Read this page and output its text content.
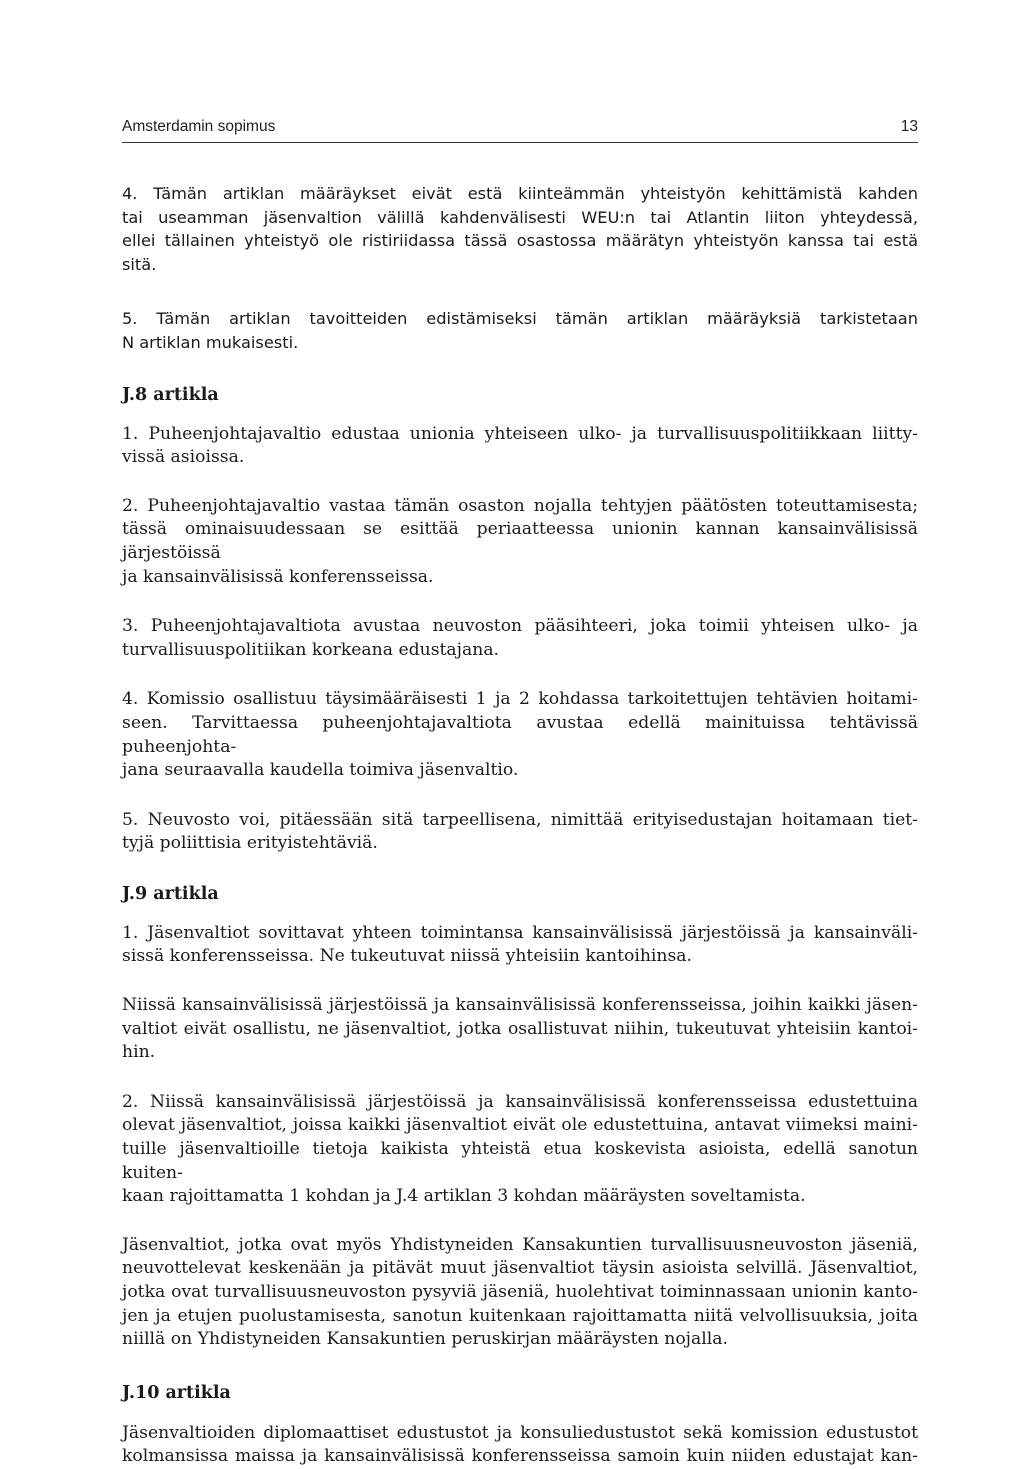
Amsterdamin sopimus	13
4. Tämän artiklan määräykset eivät estä kiinteämmän yhteistyön kehittämistä kahden
tai useamman jäsenvaltion välillä kahdenvälisesti WEU:n tai Atlantin liiton yhteydessä,
ellei tällainen yhteistyö ole ristiriidassa tässä osastossa määrätyn yhteistyön kanssa tai estä
sitä.
5. Tämän artiklan tavoitteiden edistämiseksi tämän artiklan määräyksiä tarkistetaan
N artiklan mukaisesti.
J.8 artikla
1. Puheenjohtajavaltio edustaa unionia yhteiseen ulko- ja turvallisuuspolitiikkaan liitty-
vissä asioissa.
2. Puheenjohtajavaltio vastaa tämän osaston nojalla tehtyjen päätösten toteuttamisesta;
tässä ominaisuudessaan se esittää periaatteessa unionin kannan kansainvälisissä järjestöissä
ja kansainvälisissä konferensseissa.
3. Puheenjohtajavaltiota avustaa neuvoston pääsihteeri, joka toimii yhteisen ulko- ja
turvallisuuspolitiikan korkeana edustajana.
4. Komissio osallistuu täysimääräisesti 1 ja 2 kohdassa tarkoitettujen tehtävien hoitami-
seen. Tarvittaessa puheenjohtajavaltiota avustaa edellä mainituissa tehtävissä puheenjohta-
jana seuraavalla kaudella toimiva jäsenvaltio.
5. Neuvosto voi, pitäessään sitä tarpeellisena, nimittää erityisedustajan hoitamaan tiet-
tyjä poliittisia erityistehtäviä.
J.9 artikla
1. Jäsenvaltiot sovittavat yhteen toimintansa kansainvälisissä järjestöissä ja kansainväli-
sissä konferensseissa. Ne tukeutuvat niissä yhteisiin kantoihinsa.
Niissä kansainvälisissä järjestöissä ja kansainvälisissä konferensseissa, joihin kaikki jäsen-
valtiot eivät osallistu, ne jäsenvaltiot, jotka osallistuvat niihin, tukeutuvat yhteisiin kantoi-
hin.
2. Niissä kansainvälisissä järjestöissä ja kansainvälisissä konferensseissa edustettuina
olevat jäsenvaltiot, joissa kaikki jäsenvaltiot eivät ole edustettuina, antavat viimeksi maini-
tuille jäsenvaltioille tietoja kaikista yhteistä etua koskevista asioista, edellä sanotun kuiten-
kaan rajoittamatta 1 kohdan ja J.4 artiklan 3 kohdan määräysten soveltamista.
Jäsenvaltiot, jotka ovat myös Yhdistyneiden Kansakuntien turvallisuusneuvoston jäseniä,
neuvottelevat keskenään ja pitävät muut jäsenvaltiot täysin asioista selvillä. Jäsenvaltiot,
jotka ovat turvallisuusneuvoston pysyviä jäseniä, huolehtivat toiminnassaan unionin kanto-
jen ja etujen puolustamisesta, sanotun kuitenkaan rajoittamatta niitä velvollisuuksia, joita
niillä on Yhdistyneiden Kansakuntien peruskirjan määräysten nojalla.
J.10 artikla
Jäsenvaltioiden diplomaattiset edustustot ja konsuliedustustot sekä komission edustustot
kolmansissa maissa ja kansainvälisissä konferensseissa samoin kuin niiden edustajat kan-
